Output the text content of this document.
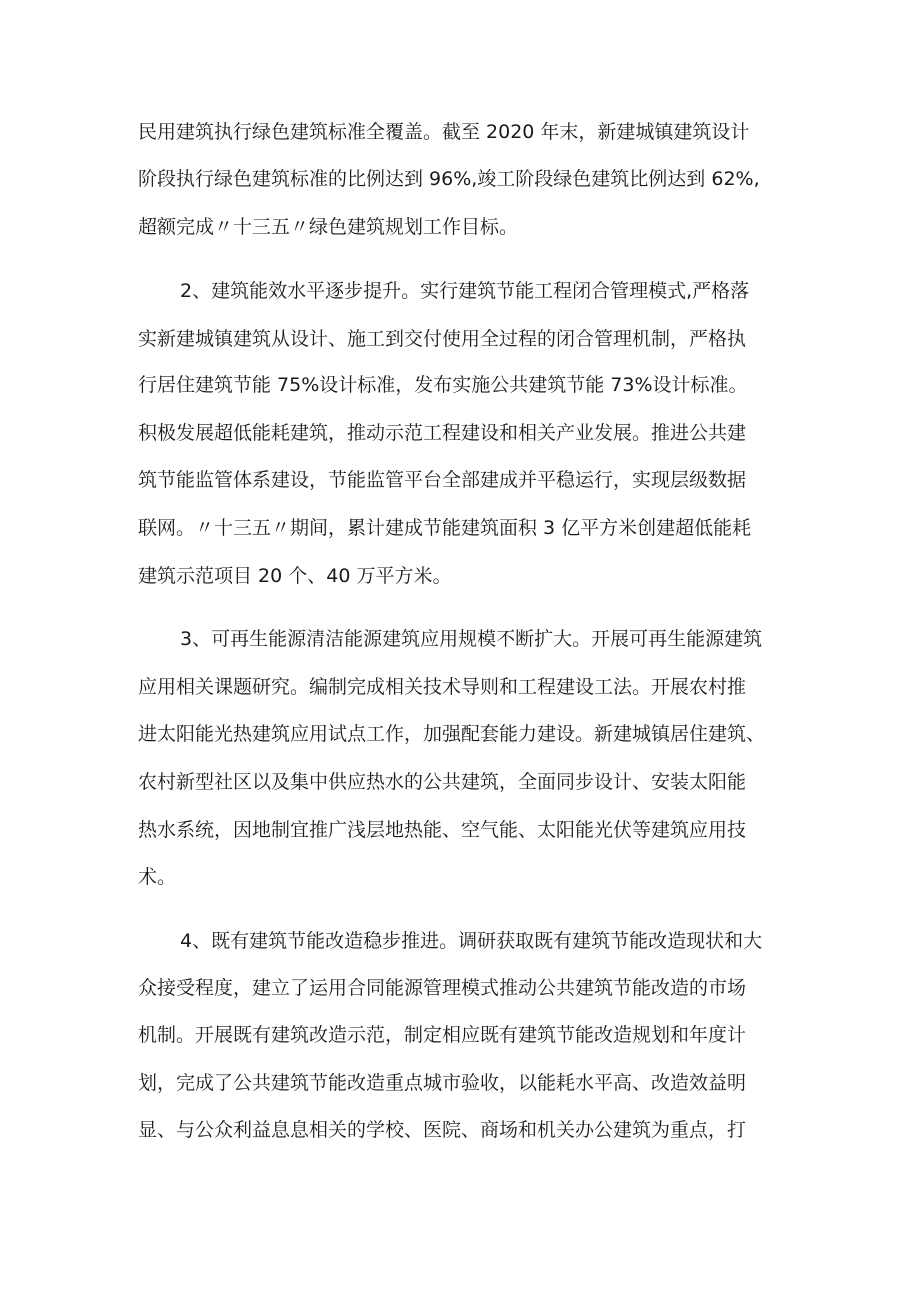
民用建筑执行绿色建筑标准全覆盖。截至 2020 年末，新建城镇建筑设计

阶段执行绿色建筑标准的比例达到 96%,竣工阶段绿色建筑比例达到 62%,

超额完成〃十三五〃绿色建筑规划工作目标。

2、建筑能效水平逐步提升。实行建筑节能工程闭合管理模式,严格落

实新建城镇建筑从设计、施工到交付使用全过程的闭合管理机制，严格执

行居住建筑节能 75%设计标准，发布实施公共建筑节能 73%设计标准。

积极发展超低能耗建筑，推动示范工程建设和相关产业发展。推进公共建

筑节能监管体系建设，节能监管平台全部建成并平稳运行，实现层级数据

联网。〃十三五〃期间，累计建成节能建筑面积 3 亿平方米创建超低能耗

建筑示范项目 20 个、40 万平方米。

3、可再生能源清洁能源建筑应用规模不断扩大。开展可再生能源建筑

应用相关课题研究。编制完成相关技术导则和工程建设工法。开展农村推

进太阳能光热建筑应用试点工作，加强配套能力建设。新建城镇居住建筑、

农村新型社区以及集中供应热水的公共建筑，全面同步设计、安装太阳能

热水系统，因地制宜推广浅层地热能、空气能、太阳能光伏等建筑应用技

术。

4、既有建筑节能改造稳步推进。调研获取既有建筑节能改造现状和大

众接受程度，建立了运用合同能源管理模式推动公共建筑节能改造的市场

机制。开展既有建筑改造示范，制定相应既有建筑节能改造规划和年度计

划，完成了公共建筑节能改造重点城市验收，以能耗水平高、改造效益明

显、与公众利益息息相关的学校、医院、商场和机关办公建筑为重点，打
